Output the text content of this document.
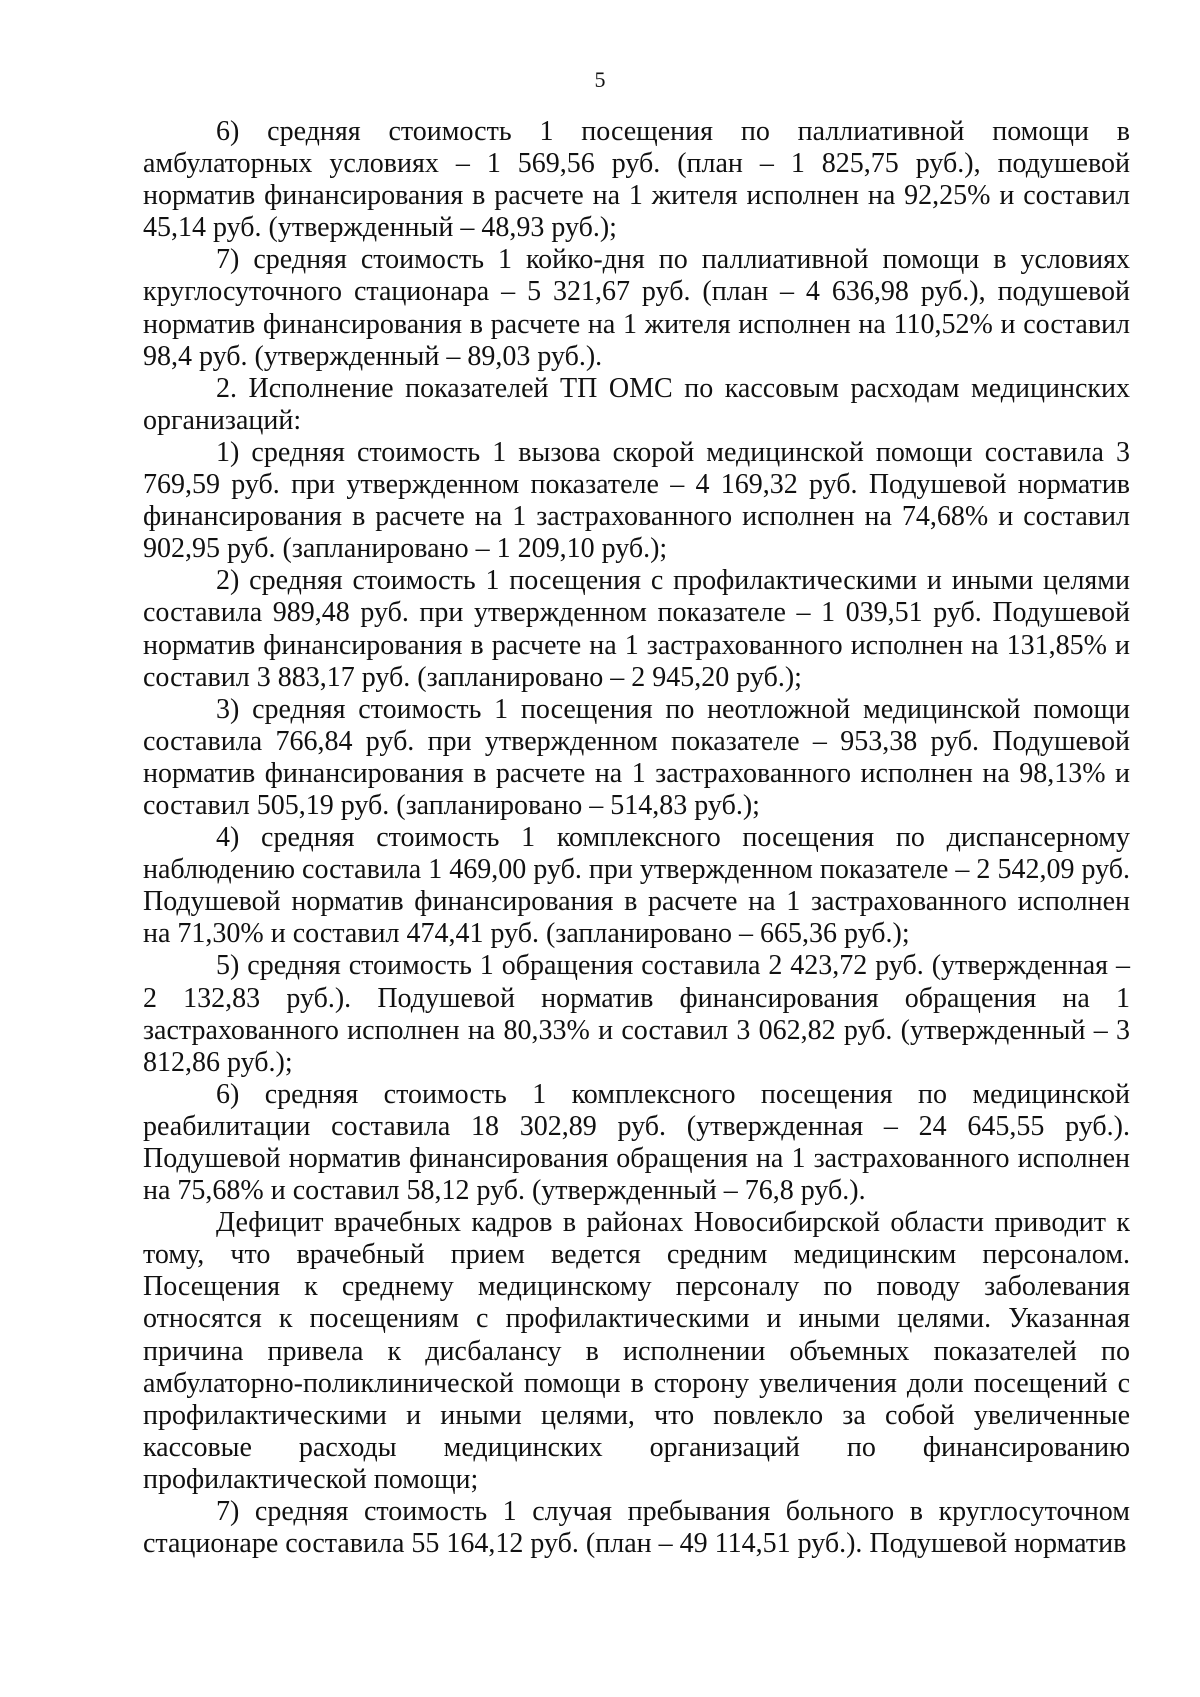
5

6) средняя стоимость 1 посещения по паллиативной помощи в амбулаторных условиях – 1 569,56 руб. (план – 1 825,75 руб.), подушевой норматив финансирования в расчете на 1 жителя исполнен на 92,25% и составил 45,14 руб. (утвержденный – 48,93 руб.);

7) средняя стоимость 1 койко-дня по паллиативной помощи в условиях круглосуточного стационара – 5 321,67 руб. (план – 4 636,98 руб.), подушевой норматив финансирования в расчете на 1 жителя исполнен на 110,52% и составил 98,4 руб. (утвержденный – 89,03 руб.).

2. Исполнение показателей ТП ОМС по кассовым расходам медицинских организаций:

1) средняя стоимость 1 вызова скорой медицинской помощи составила 3 769,59 руб. при утвержденном показателе – 4 169,32 руб. Подушевой норматив финансирования в расчете на 1 застрахованного исполнен на 74,68% и составил 902,95 руб. (запланировано – 1 209,10 руб.);

2) средняя стоимость 1 посещения с профилактическими и иными целями составила 989,48 руб. при утвержденном показателе – 1 039,51 руб. Подушевой норматив финансирования в расчете на 1 застрахованного исполнен на 131,85% и составил 3 883,17 руб. (запланировано – 2 945,20 руб.);

3) средняя стоимость 1 посещения по неотложной медицинской помощи составила 766,84 руб. при утвержденном показателе – 953,38 руб. Подушевой норматив финансирования в расчете на 1 застрахованного исполнен на 98,13% и составил 505,19 руб. (запланировано – 514,83 руб.);

4) средняя стоимость 1 комплексного посещения по диспансерному наблюдению составила 1 469,00 руб. при утвержденном показателе – 2 542,09 руб. Подушевой норматив финансирования в расчете на 1 застрахованного исполнен на 71,30% и составил 474,41 руб. (запланировано – 665,36 руб.);

5) средняя стоимость 1 обращения составила 2 423,72 руб. (утвержденная – 2 132,83 руб.). Подушевой норматив финансирования обращения на 1 застрахованного исполнен на 80,33% и составил 3 062,82 руб. (утвержденный – 3 812,86 руб.);

6) средняя стоимость 1 комплексного посещения по медицинской реабилитации составила 18 302,89 руб. (утвержденная – 24 645,55 руб.). Подушевой норматив финансирования обращения на 1 застрахованного исполнен на 75,68% и составил 58,12 руб. (утвержденный – 76,8 руб.).

Дефицит врачебных кадров в районах Новосибирской области приводит к тому, что врачебный прием ведется средним медицинским персоналом. Посещения к среднему медицинскому персоналу по поводу заболевания относятся к посещениям с профилактическими и иными целями. Указанная причина привела к дисбалансу в исполнении объемных показателей по амбулаторно-поликлинической помощи в сторону увеличения доли посещений с профилактическими и иными целями, что повлекло за собой увеличенные кассовые расходы медицинских организаций по финансированию профилактической помощи;

7) средняя стоимость 1 случая пребывания больного в круглосуточном стационаре составила 55 164,12 руб. (план – 49 114,51 руб.). Подушевой норматив
